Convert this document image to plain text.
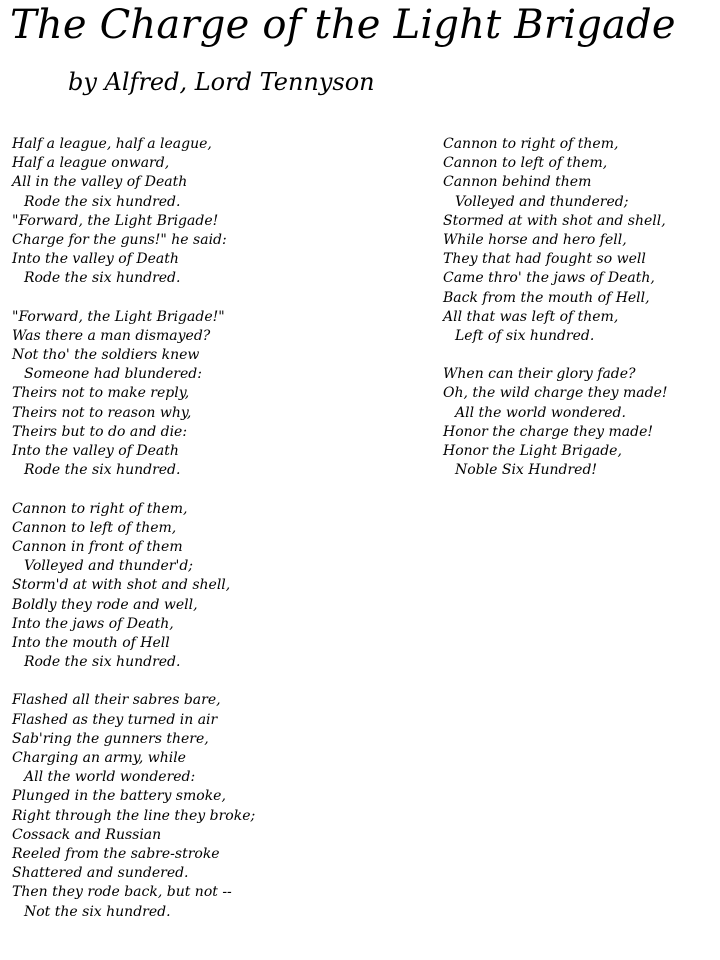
The Charge of the Light Brigade
by Alfred, Lord Tennyson
Half a league, half a league,
Half a league onward,
All in the valley of Death
Rode the six hundred.
"Forward, the Light Brigade!
Charge for the guns!" he said:
Into the valley of Death
Rode the six hundred.
"Forward, the Light Brigade!"
Was there a man dismayed?
Not tho' the soldiers knew
Someone had blundered:
Theirs not to make reply,
Theirs not to reason why,
Theirs but to do and die:
Into the valley of Death
Rode the six hundred.
Cannon to right of them,
Cannon to left of them,
Cannon in front of them
Volleyed and thunder'd;
Storm'd at with shot and shell,
Boldly they rode and well,
Into the jaws of Death,
Into the mouth of Hell
Rode the six hundred.
Flashed all their sabres bare,
Flashed as they turned in air
Sab'ring the gunners there,
Charging an army, while
All the world wondered:
Plunged in the battery smoke,
Right through the line they broke;
Cossack and Russian
Reeled from the sabre-stroke
Shattered and sundered.
Then they rode back, but not --
Not the six hundred.
Cannon to right of them,
Cannon to left of them,
Cannon behind them
Volleyed and thundered;
Stormed at with shot and shell,
While horse and hero fell,
They that had fought so well
Came thro' the jaws of Death,
Back from the mouth of Hell,
All that was left of them,
Left of six hundred.
When can their glory fade?
Oh, the wild charge they made!
All the world wondered.
Honor the charge they made!
Honor the Light Brigade,
Noble Six Hundred!
